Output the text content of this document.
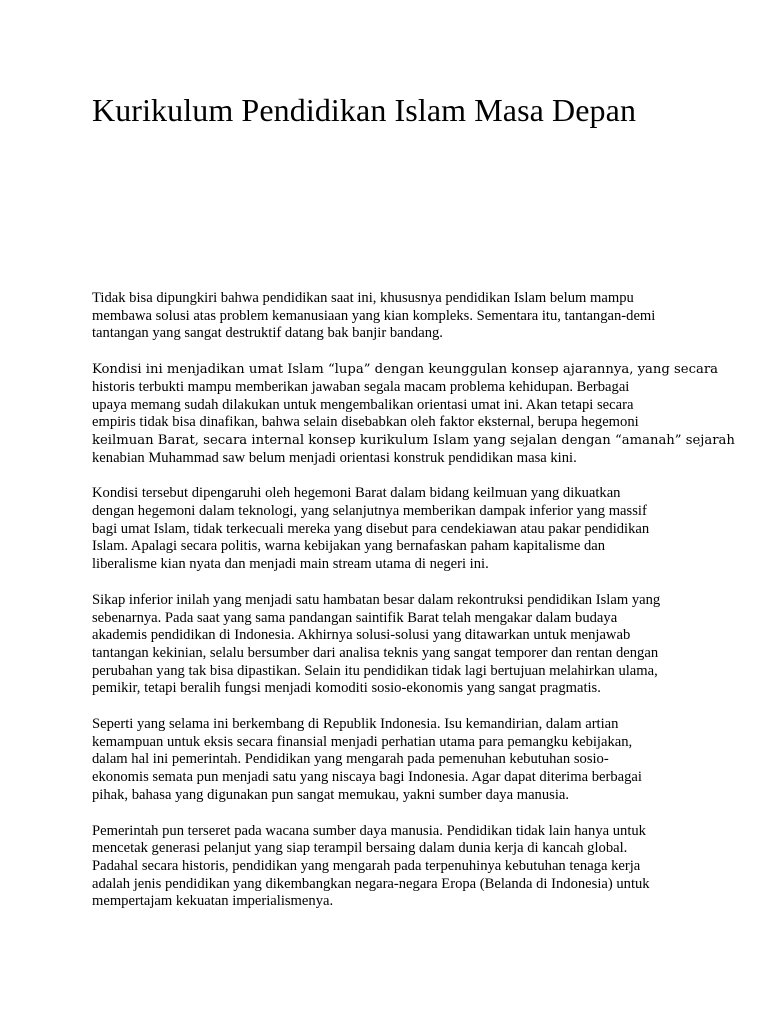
Kurikulum Pendidikan Islam Masa Depan

Tidak bisa dipungkiri bahwa pendidikan saat ini, khususnya pendidikan Islam belum mampu
membawa solusi atas problem kemanusiaan yang kian kompleks. Sementara itu, tantangan-demi
tantangan yang sangat destruktif datang bak banjir bandang.

Kondisi ini menjadikan umat Islam “lupa” dengan keunggulan konsep ajarannya, yang secara
historis terbukti mampu memberikan jawaban segala macam problema kehidupan. Berbagai
upaya memang sudah dilakukan untuk mengembalikan orientasi umat ini. Akan tetapi secara
empiris tidak bisa dinafikan, bahwa selain disebabkan oleh faktor eksternal, berupa hegemoni
keilmuan Barat, secara internal konsep kurikulum Islam yang sejalan dengan “amanah” sejarah
kenabian Muhammad saw belum menjadi orientasi konstruk pendidikan masa kini.

Kondisi tersebut dipengaruhi oleh hegemoni Barat dalam bidang keilmuan yang dikuatkan
dengan hegemoni dalam teknologi, yang selanjutnya memberikan dampak inferior yang massif
bagi umat Islam, tidak terkecuali mereka yang disebut para cendekiawan atau pakar pendidikan
Islam. Apalagi secara politis, warna kebijakan yang bernafaskan paham kapitalisme dan
liberalisme kian nyata dan menjadi main stream utama di negeri ini.

Sikap inferior inilah yang menjadi satu hambatan besar dalam rekontruksi pendidikan Islam yang
sebenarnya. Pada saat yang sama pandangan saintifik Barat telah mengakar dalam budaya
akademis pendidikan di Indonesia. Akhirnya solusi-solusi yang ditawarkan untuk menjawab
tantangan kekinian, selalu bersumber dari analisa teknis yang sangat temporer dan rentan dengan
perubahan yang tak bisa dipastikan. Selain itu pendidikan tidak lagi bertujuan melahirkan ulama,
pemikir, tetapi beralih fungsi menjadi komoditi sosio-ekonomis yang sangat pragmatis.

Seperti yang selama ini berkembang di Republik Indonesia. Isu kemandirian, dalam artian
kemampuan untuk eksis secara finansial menjadi perhatian utama para pemangku kebijakan,
dalam hal ini pemerintah. Pendidikan yang mengarah pada pemenuhan kebutuhan sosio-
ekonomis semata pun menjadi satu yang niscaya bagi Indonesia. Agar dapat diterima berbagai
pihak, bahasa yang digunakan pun sangat memukau, yakni sumber daya manusia.

Pemerintah pun terseret pada wacana sumber daya manusia. Pendidikan tidak lain hanya untuk
mencetak generasi pelanjut yang siap terampil bersaing dalam dunia kerja di kancah global.
Padahal secara historis, pendidikan yang mengarah pada terpenuhinya kebutuhan tenaga kerja
adalah jenis pendidikan yang dikembangkan negara-negara Eropa (Belanda di Indonesia) untuk
mempertajam kekuatan imperialismenya.
